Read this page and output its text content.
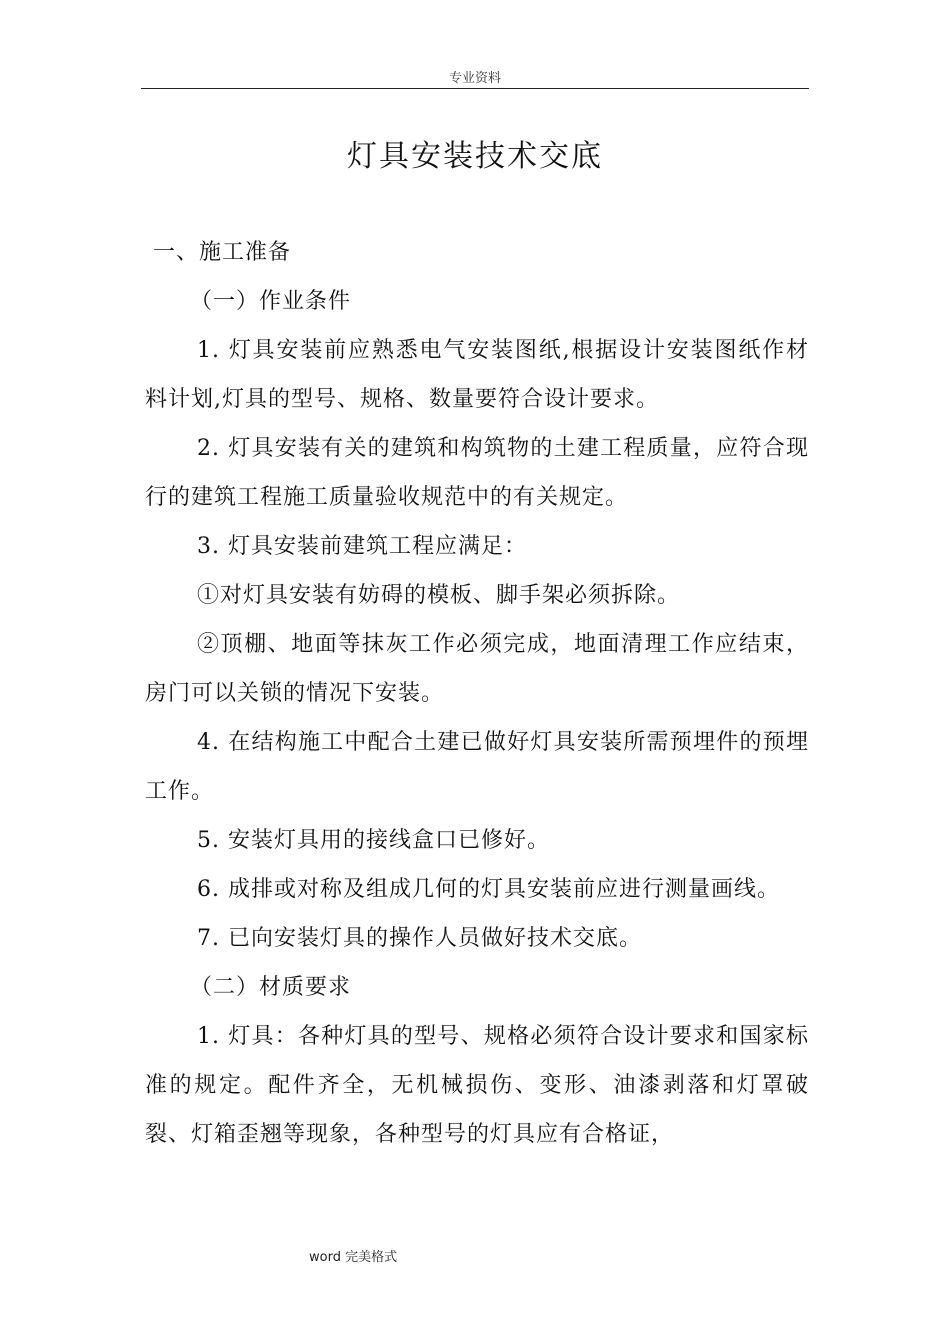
专业资料
灯具安装技术交底

一、施工准备

（一）作业条件

1. 灯具安装前应熟悉电气安装图纸,根据设计安装图纸作材料计划,灯具的型号、规格、数量要符合设计要求。

2. 灯具安装有关的建筑和构筑物的土建工程质量，应符合现行的建筑工程施工质量验收规范中的有关规定。

3. 灯具安装前建筑工程应满足：

①对灯具安装有妨碍的模板、脚手架必须拆除。

②顶棚、地面等抹灰工作必须完成，地面清理工作应结束，房门可以关锁的情况下安装。

4. 在结构施工中配合土建已做好灯具安装所需预埋件的预埋工作。

5. 安装灯具用的接线盒口已修好。

6. 成排或对称及组成几何的灯具安装前应进行测量画线。

7. 已向安装灯具的操作人员做好技术交底。

（二）材质要求

1. 灯具：各种灯具的型号、规格必须符合设计要求和国家标准的规定。配件齐全，无机械损伤、变形、油漆剥落和灯罩破裂、灯箱歪翘等现象，各种型号的灯具应有合格证，

word 完美格式
